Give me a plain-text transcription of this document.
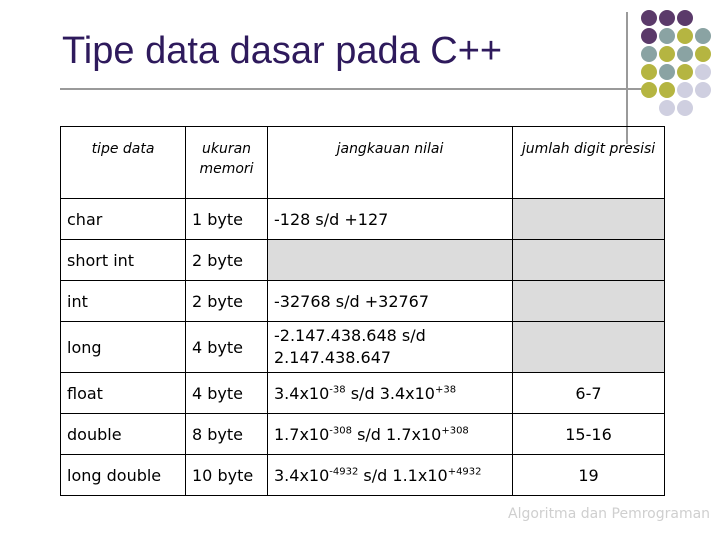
Tipe data dasar pada C++
tipe data	ukuran memori	jangkauan nilai	jumlah digit presisi
char	1 byte	-128 s/d +127	
short int	2 byte		
int	2 byte	-32768 s/d +32767	
long	4 byte	-2.147.438.648 s/d 2.147.438.647	
float	4 byte	$3.4x10^{-38}$ s/d $3.4x10^{+38}$	6-7
double	8 byte	$1.7x10^{-308}$ s/d $1.7x10^{+308}$	15-16
long double	10 byte	$3.4x10^{-4932}$ s/d $1.1x10^{+4932}$	19
Algoritma dan Pemrograman
